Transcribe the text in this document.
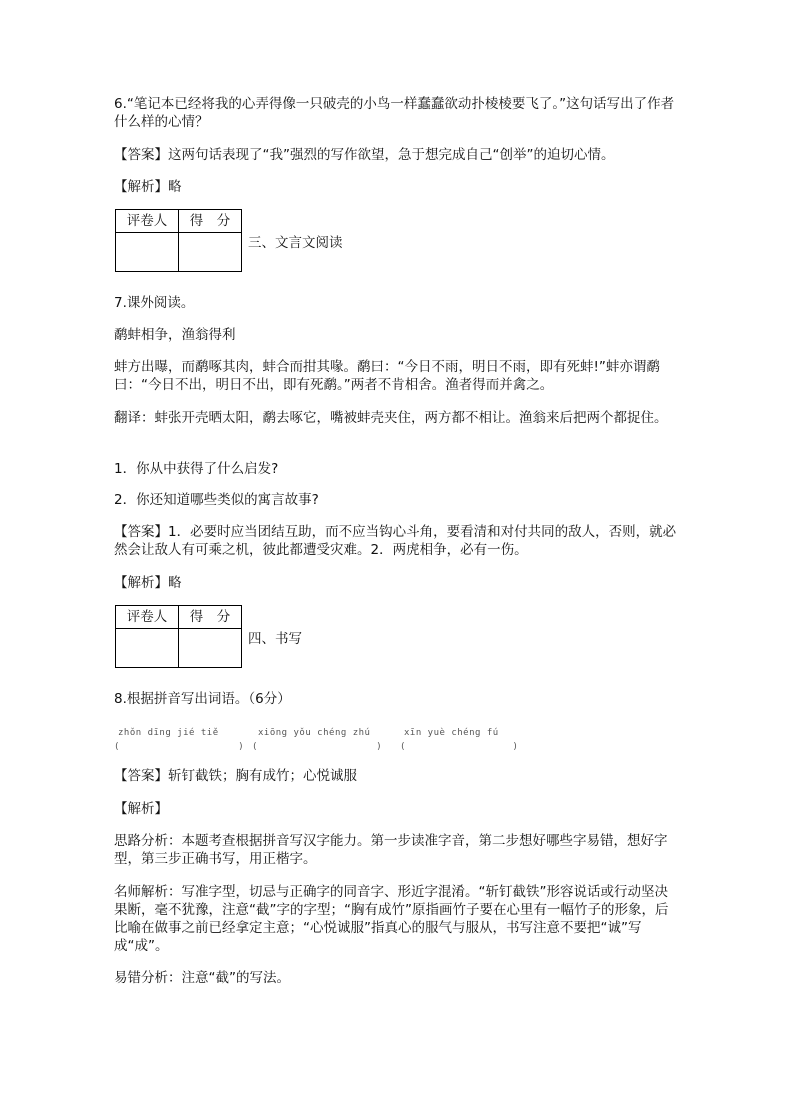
6.“笔记本已经将我的心弄得像一只破壳的小鸟一样蠢蠢欲动扑棱棱要飞了。”这句话写出了作者什么样的心情？

【答案】这两句话表现了“我”强烈的写作欲望，急于想完成自己“创举”的迫切心情。

【解析】略

评卷人	得　分

三、文言文阅读

7.课外阅读。

鹬蚌相争，渔翁得利

蚌方出曝，而鹬啄其肉，蚌合而拑其喙。鹬曰：“今日不雨，明日不雨，即有死蚌!”蚌亦谓鹬曰：“今日不出，明日不出，即有死鹬。”两者不肯相舍。渔者得而并禽之。

翻译：蚌张开壳晒太阳，鹬去啄它，嘴被蚌壳夹住，两方都不相让。渔翁来后把两个都捉住。

1．你从中获得了什么启发?

2．你还知道哪些类似的寓言故事?

【答案】1．必要时应当团结互助，而不应当钩心斗角，要看清和对付共同的敌人，否则，就必然会让敌人有可乘之机，彼此都遭受灾难。2．两虎相争，必有一伤。

【解析】略

评卷人	得　分

四、书写

8.根据拼音写出词语。（6分）

zhǒn dīng jié tiě	xiōng yǒu chéng zhú	xīn yuè chéng fú
(                    ) (                    ) (                  )

【答案】斩钉截铁；胸有成竹；心悦诚服

【解析】

思路分析：本题考查根据拼音写汉字能力。第一步读准字音，第二步想好哪些字易错，想好字型，第三步正确书写，用正楷字。

名师解析：写准字型，切忌与正确字的同音字、形近字混淆。“斩钉截铁”形容说话或行动坚决果断，毫不犹豫，注意“截”字的字型；“胸有成竹”原指画竹子要在心里有一幅竹子的形象，后比喻在做事之前已经拿定主意；“心悦诚服”指真心的服气与服从，书写注意不要把“诚”写成“成”。

易错分析：注意“截”的写法。
